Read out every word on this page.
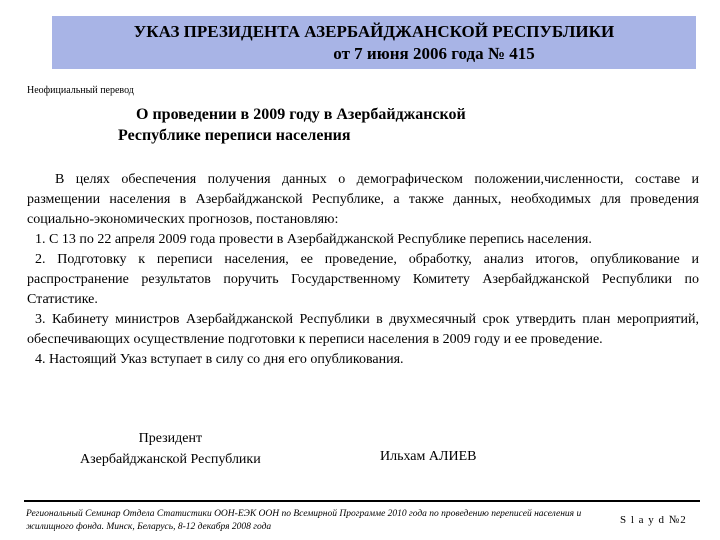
УКАЗ ПРЕЗИДЕНТА АЗЕРБАЙДЖАНСКОЙ РЕСПУБЛИКИ

от 7 июня 2006 года № 415
Неофициальный перевод
О проведении в 2009 году в Азербайджанской
Республике переписи населения

В целях обеспечения получения данных о демографическом положении,численности, составе и размещении населения в Азербайджанской Республике, а также данных, необходимых для проведения социально-экономических прогнозов, постановляю:

1. С 13 по 22 апреля 2009 года провести в Азербайджанской Республике перепись населения.

2. Подготовку к переписи населения, ее проведение, обработку, анализ итогов, опубликование и распространение результатов поручить Государственному Комитету Азербайджанской Республики по Статистике.

3. Кабинету министров Азербайджанской Республики в двухмесячный срок утвердить план мероприятий, обеспечивающих осуществление подготовки к переписи населения в 2009 году и ее проведение.

4. Настоящий Указ вступает в силу со дня его опубликования.

Президент
Азербайджанской Республики	Ильхам АЛИЕВ
Региональный Семинар Отдела Статистики ООН-ЕЭК ООН по Всемирной Программе 2010 года по проведению переписей населения и жилищного фонда. Минск, Беларусь, 8-12 декабря 2008 года
S l a y d №2
